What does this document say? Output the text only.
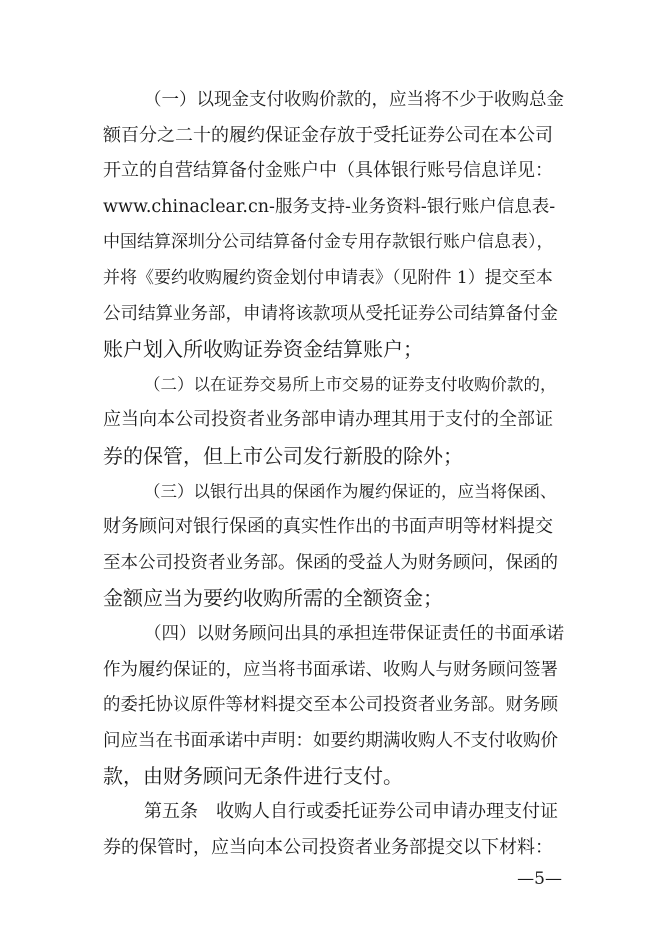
（一）以现金支付收购价款的，应当将不少于收购总金
额百分之二十的履约保证金存放于受托证券公司在本公司
开立的自营结算备付金账户中（具体银行账号信息详见：
www.chinaclear.cn-服务支持-业务资料-银行账户信息表-
中国结算深圳分公司结算备付金专用存款银行账户信息表），
并将《要约收购履约资金划付申请表》（见附件 1）提交至本
公司结算业务部，申请将该款项从受托证券公司结算备付金
账户划入所收购证券资金结算账户；
（二）以在证券交易所上市交易的证券支付收购价款的，
应当向本公司投资者业务部申请办理其用于支付的全部证
券的保管，但上市公司发行新股的除外；
（三）以银行出具的保函作为履约保证的，应当将保函、
财务顾问对银行保函的真实性作出的书面声明等材料提交
至本公司投资者业务部。保函的受益人为财务顾问，保函的
金额应当为要约收购所需的全额资金；
（四）以财务顾问出具的承担连带保证责任的书面承诺
作为履约保证的，应当将书面承诺、收购人与财务顾问签署
的委托协议原件等材料提交至本公司投资者业务部。财务顾
问应当在书面承诺中声明：如要约期满收购人不支付收购价
款，由财务顾问无条件进行支付。
第五条　收购人自行或委托证券公司申请办理支付证
券的保管时，应当向本公司投资者业务部提交以下材料：
—5—
